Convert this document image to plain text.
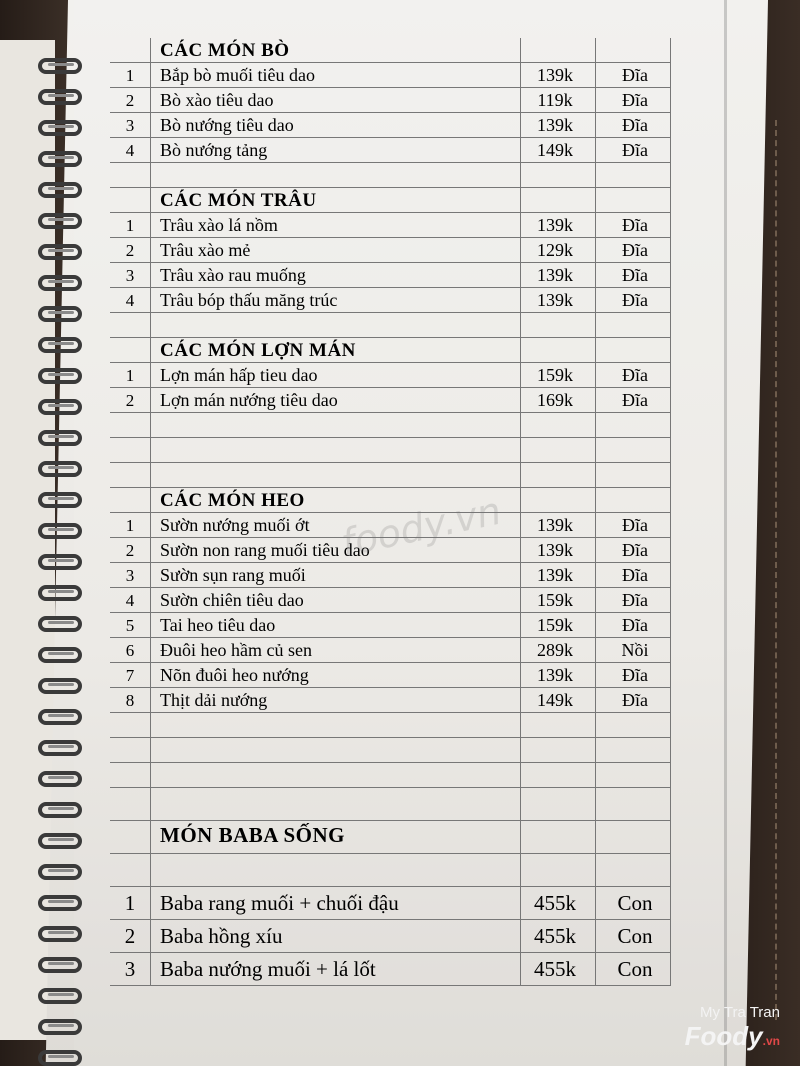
CÁC MÓN BÒ
1	Bắp bò muối tiêu dao	139k	Đĩa
2	Bò xào tiêu dao	119k	Đĩa
3	Bò nướng tiêu dao	139k	Đĩa
4	Bò nướng tảng	149k	Đĩa
CÁC MÓN TRÂU
1	Trâu xào lá nồm	139k	Đĩa
2	Trâu xào mẻ	129k	Đĩa
3	Trâu xào rau muống	139k	Đĩa
4	Trâu bóp thấu măng trúc	139k	Đĩa
CÁC MÓN LỢN MÁN
1	Lợn mán hấp tieu dao	159k	Đĩa
2	Lợn mán nướng tiêu dao	169k	Đĩa
CÁC MÓN HEO
1	Sườn nướng muối ớt	139k	Đĩa
2	Sườn non rang muối tiêu dao	139k	Đĩa
3	Sườn sụn rang muối	139k	Đĩa
4	Sườn chiên tiêu dao	159k	Đĩa
5	Tai heo tiêu dao	159k	Đĩa
6	Đuôi heo hầm củ sen	289k	Nồi
7	Nõn đuôi heo nướng	139k	Đĩa
8	Thịt dải nướng	149k	Đĩa
MÓN BABA SỐNG
1	Baba rang muối + chuối đậu	455k	Con
2	Baba hồng xíu	455k	Con
3	Baba nướng muối + lá lốt	455k	Con
foody.vn
My Tra Tran
Foody.vn
